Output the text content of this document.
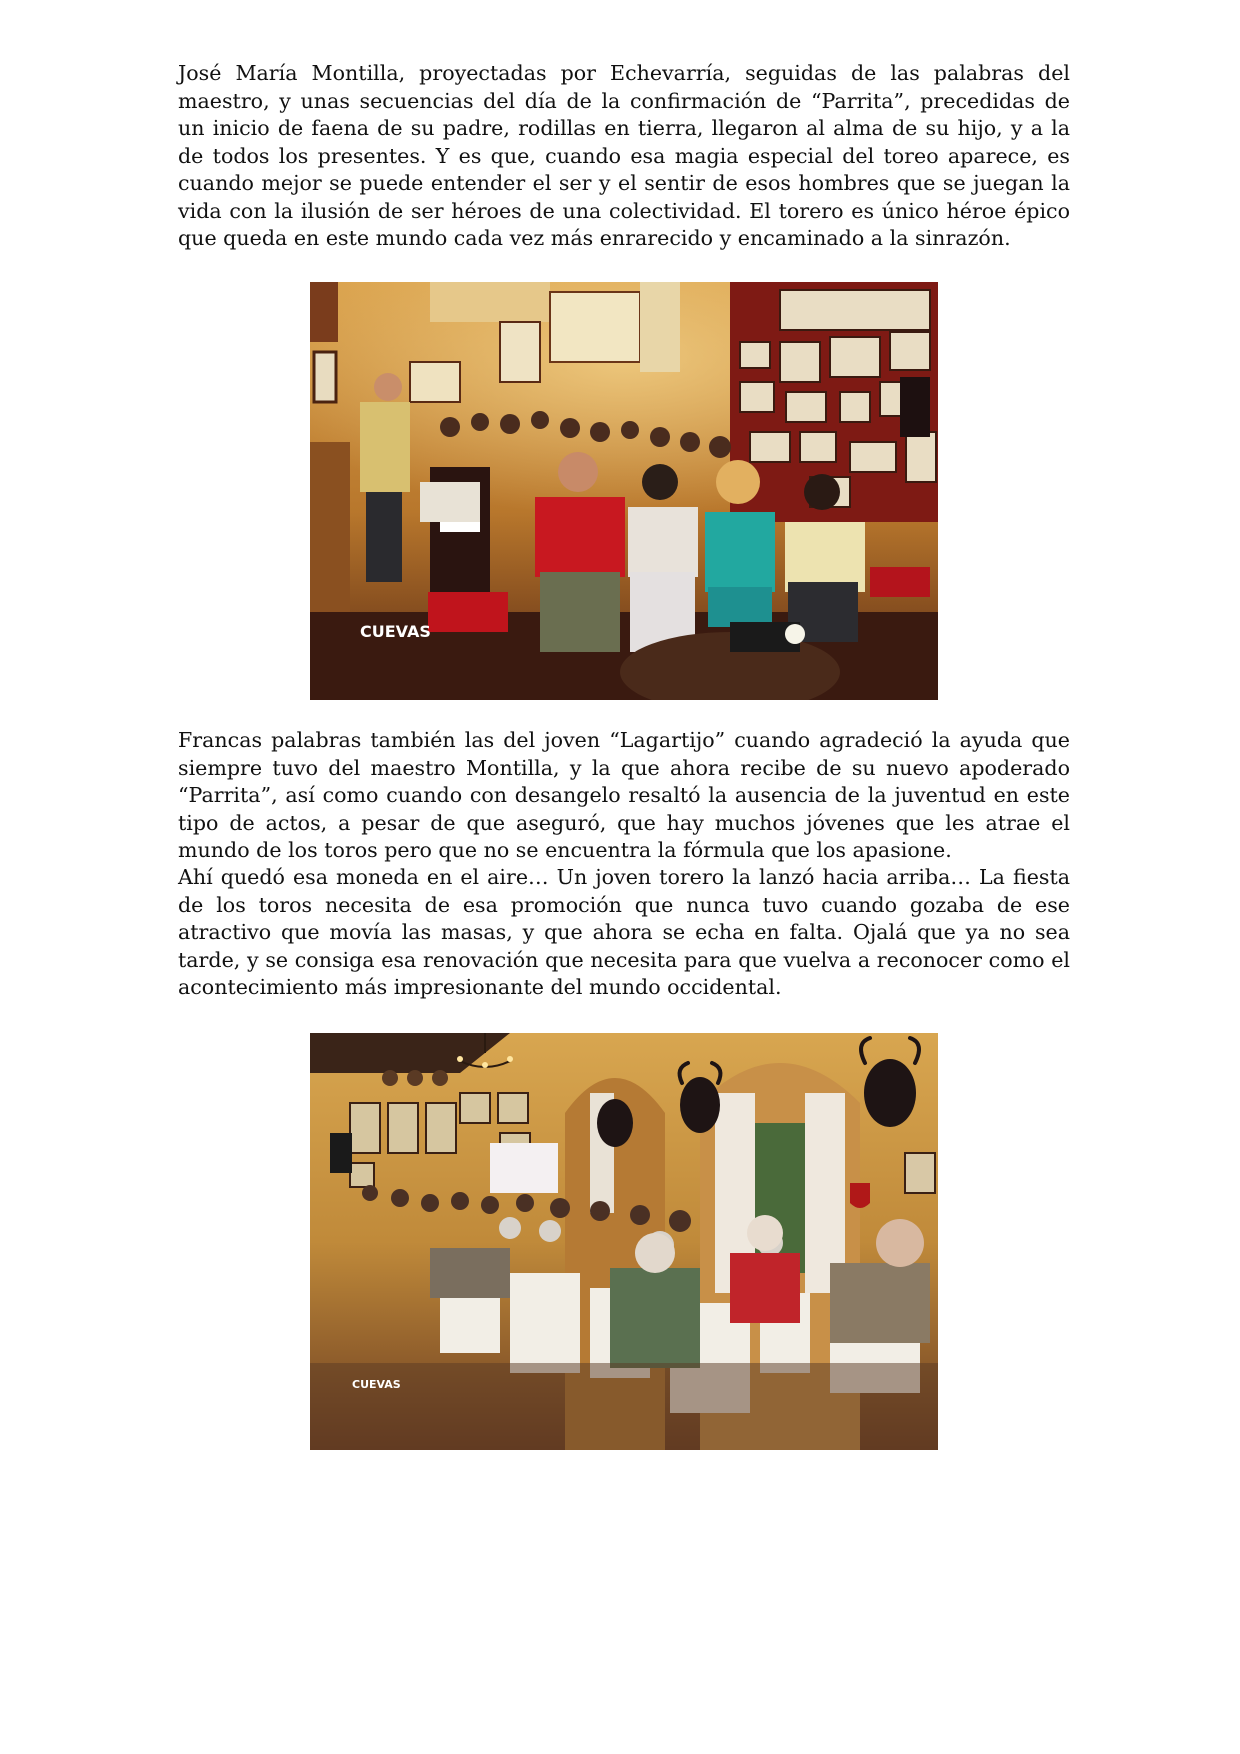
José María Montilla, proyectadas por Echevarría, seguidas de las palabras del
maestro, y unas secuencias del día de la confirmación de “Parrita”, precedidas de
un inicio de faena de su padre, rodillas en tierra, llegaron al alma de su hijo, y a la
de todos los presentes. Y es que, cuando esa magia especial del toreo aparece, es
cuando mejor se puede entender el ser y el sentir de esos hombres que se juegan la
vida con la ilusión de ser héroes de una colectividad. El torero es único héroe épico
que queda en este mundo cada vez más enrarecido y encaminado a la sinrazón.
CUEVAS
Francas palabras también las del joven “Lagartijo” cuando agradeció la ayuda que
siempre tuvo del maestro Montilla, y la que ahora recibe de su nuevo apoderado
“Parrita”, así como cuando con desangelo resaltó la ausencia de la juventud en este
tipo de actos, a pesar de que aseguró, que hay muchos jóvenes que les atrae el
mundo de los toros pero que no se encuentra la fórmula que los apasione.
Ahí quedó esa moneda en el aire… Un joven torero la lanzó hacia arriba… La fiesta
de los toros necesita de esa promoción que nunca tuvo cuando gozaba de ese
atractivo que movía las masas, y que ahora se echa en falta. Ojalá que ya no sea
tarde, y se consiga esa renovación que necesita para que vuelva a reconocer como el
acontecimiento más impresionante del mundo occidental.
CUEVAS
